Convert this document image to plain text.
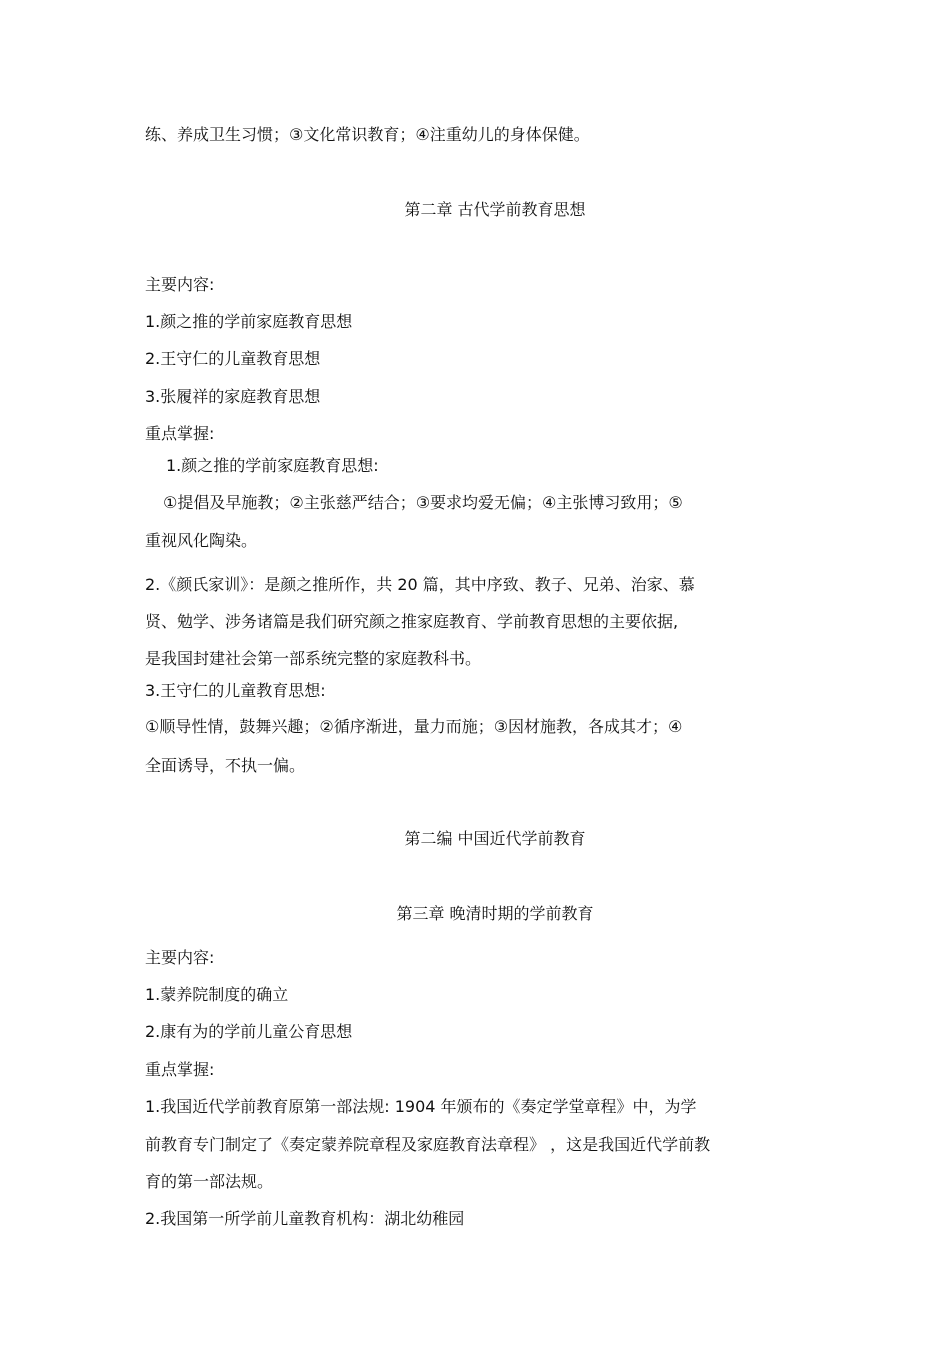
练、养成卫生习惯；③文化常识教育；④注重幼儿的身体保健。
第二章 古代学前教育思想
主要内容:
1.颜之推的学前家庭教育思想
2.王守仁的儿童教育思想
3.张履祥的家庭教育思想
重点掌握:
1.颜之推的学前家庭教育思想:
①提倡及早施教；②主张慈严结合；③要求均爱无偏；④主张博习致用；⑤
重视风化陶染。
2.《颜氏家训》：是颜之推所作，共 20 篇，其中序致、教子、兄弟、治家、慕
贤、勉学、涉务诸篇是我们研究颜之推家庭教育、学前教育思想的主要依据,
是我国封建社会第一部系统完整的家庭教科书。
3.王守仁的儿童教育思想:
①顺导性情，鼓舞兴趣；②循序渐进，量力而施；③因材施教，各成其才；④
全面诱导，不执一偏。
第二编 中国近代学前教育
第三章 晚清时期的学前教育
主要内容:
1.蒙养院制度的确立
2.康有为的学前儿童公育思想
重点掌握:
1.我国近代学前教育原第一部法规: 1904 年颁布的《奏定学堂章程》中，为学
前教育专门制定了《奏定蒙养院章程及家庭教育法章程》 ，这是我国近代学前教
育的第一部法规。
2.我国第一所学前儿童教育机构：湖北幼稚园
